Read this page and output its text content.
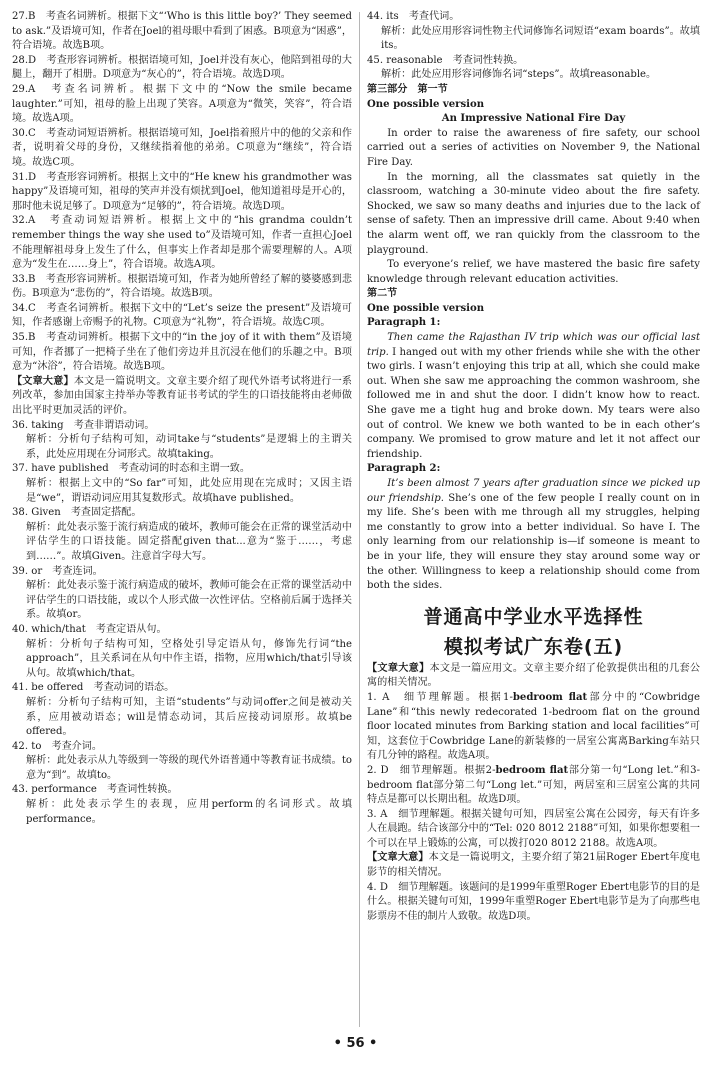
27.B　考查名词辨析。根据下文“‘Who is this little boy?’ They seemed to ask.”及语境可知，作者在Joel的祖母眼中看到了困惑。B项意为“困惑”，符合语境。故选B项。

28.D　考查形容词辨析。根据语境可知，Joel并没有灰心，他陪到祖母的大腿上，翻开了相册。D项意为“灰心的”，符合语境。故选D项。

29.A　考查名词辨析。根据下文中的“Now the smile became laughter.”可知，祖母的脸上出现了笑容。A项意为“微笑，笑容”，符合语境。故选A项。

30.C　考查动词短语辨析。根据语境可知，Joel指着照片中的他的父亲和作者，说明着父母的身份，又继续指着他的弟弟。C项意为“继续”，符合语境。故选C项。

31.D　考查形容词辨析。根据上文中的“He knew his grandmother was happy”及语境可知，祖母的笑声并没有烦扰到Joel，他知道祖母是开心的，那时他未说足够了。D项意为“足够的”，符合语境。故选D项。

32.A　考查动词短语辨析。根据上文中的“his grandma couldn’t remember things the way she used to”及语境可知，作者一直担心Joel不能理解祖母身上发生了什么，但事实上作者却是那个需要理解的人。A项意为“发生在……身上”，符合语境。故选A项。

33.B　考查形容词辨析。根据语境可知，作者为她所曾经了解的婆婆感到悲伤。B项意为“悲伤的”，符合语境。故选B项。

34.C　考查名词辨析。根据下文中的“Let’s seize the present”及语境可知，作者感谢上帝赐予的礼物。C项意为“礼物”，符合语境。故选C项。

35.B　考查动词辨析。根据下文中的“in the joy of it with them”及语境可知，作者挪了一把椅子坐在了他们旁边并且沉浸在他们的乐趣之中。B项意为“沐浴”，符合语境。故选B项。

【文章大意】本文是一篇说明文。文章主要介绍了现代外语考试将进行一系列改革，参加由国家主持举办等教育证书考试的学生的口语技能将由老师做出比平时更加灵活的评价。

36. taking　考查非谓语动词。

解析：分析句子结构可知，动词take与“students”是逻辑上的主谓关系，此处应用现在分词形式。故填taking。

37. have published　考查动词的时态和主谓一致。

解析：根据上文中的“So far”可知，此处应用现在完成时；又因主语是“we”，谓语动词应用其复数形式。故填have published。

38. Given　考查固定搭配。

解析：此处表示鉴于流行病造成的破坏，教师可能会在正常的课堂活动中评估学生的口语技能。固定搭配given that...意为“鉴于……，考虑到……”。故填Given。注意首字母大写。

39. or　考查连词。

解析：此处表示鉴于流行病造成的破坏，教师可能会在正常的课堂活动中评估学生的口语技能，或以个人形式做一次性评估。空格前后属于选择关系。故填or。

40. which/that　考查定语从句。

解析：分析句子结构可知，空格处引导定语从句，修饰先行词“the approach”，且关系词在从句中作主语，指物，应用which/that引导该从句。故填which/that。

41. be offered　考查动词的语态。

解析：分析句子结构可知，主语“students”与动词offer之间是被动关系，应用被动语态；will是情态动词，其后应接动词原形。故填be offered。

42. to　考查介词。

解析：此处表示从九等级到一等级的现代外语普通中等教育证书成绩。to意为“到”。故填to。

43. performance　考查词性转换。

解析：此处表示学生的表现，应用perform的名词形式。故填performance。

44. its　考查代词。

解析：此处应用形容词性物主代词修饰名词短语“exam boards”。故填its。

45. reasonable　考查词性转换。

解析：此处应用形容词修饰名词“steps”。故填reasonable。

第三部分　第一节

One possible version

An Impressive National Fire Day

In order to raise the awareness of fire safety, our school carried out a series of activities on November 9, the National Fire Day.

In the morning, all the classmates sat quietly in the classroom, watching a 30-minute video about the fire safety. Shocked, we saw so many deaths and injuries due to the lack of sense of safety. Then an impressive drill came. About 9:40 when the alarm went off, we ran quickly from the classroom to the playground.

To everyone’s relief, we have mastered the basic fire safety knowledge through relevant education activities.

第二节

One possible version

Paragraph 1:

Then came the Rajasthan IV trip which was our official last trip. I hanged out with my other friends while she with the other two girls. I wasn’t enjoying this trip at all, which she could make out. When she saw me approaching the common washroom, she followed me in and shut the door. I didn’t know how to react. She gave me a tight hug and broke down. My tears were also out of control. We knew we both wanted to be in each other’s company. We promised to grow mature and let it not affect our friendship.

Paragraph 2:

It’s been almost 7 years after graduation since we picked up our friendship. She’s one of the few people I really count on in my life. She’s been with me through all my struggles, helping me constantly to grow into a better individual. So have I. The only learning from our relationship is—if someone is meant to be in your life, they will ensure they stay around some way or the other. Willingness to keep a relationship should come from both the sides.

普通高中学业水平选择性

模拟考试广东卷(五)

【文章大意】本文是一篇应用文。文章主要介绍了伦敦提供出租的几套公寓的相关情况。

1. A　细节理解题。根据1-bedroom flat部分中的“Cowbridge Lane”和“this newly redecorated 1-bedroom flat on the ground floor located minutes from Barking station and local facilities”可知，这套位于Cowbridge Lane的新装修的一居室公寓离Barking车站只有几分钟的路程。故选A项。

2. D　细节理解题。根据2-bedroom flat部分第一句“Long let.”和3-bedroom flat部分第二句“Long let.”可知，两居室和三居室公寓的共同特点是都可以长期出租。故选D项。

3. A　细节理解题。根据关键句可知，四居室公寓在公园旁，每天有许多人在晨跑。结合该部分中的“Tel: 020 8012 2188”可知，如果你想要租一个可以在早上锻炼的公寓，可以拨打020 8012 2188。故选A项。

【文章大意】本文是一篇说明文，主要介绍了第21届Roger Ebert年度电影节的相关情况。

4. D　细节理解题。该题问的是1999年重塑Roger Ebert电影节的目的是什么。根据关键句可知，1999年重塑Roger Ebert电影节是为了向那些电影票房不佳的制片人致敬。故选D项。

• 56 •
